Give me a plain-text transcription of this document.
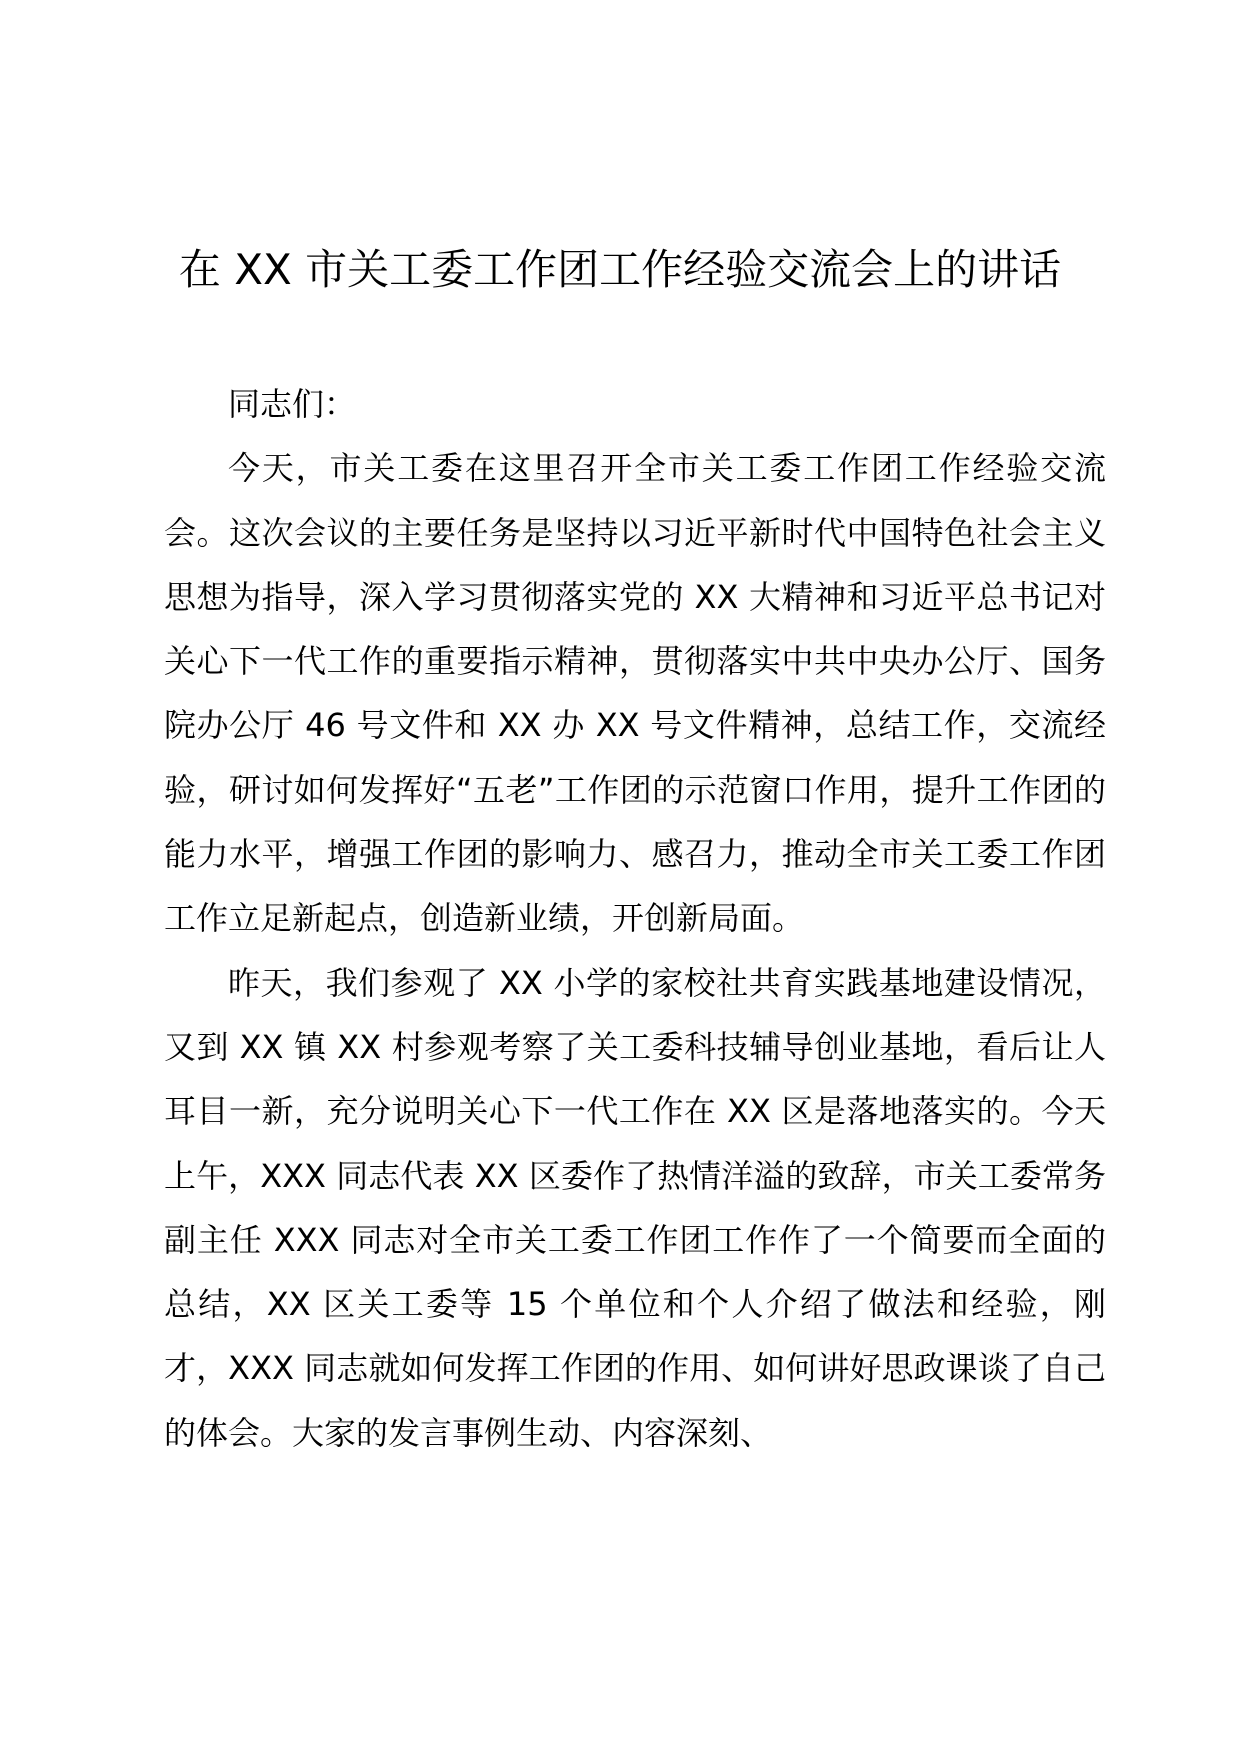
在 XX 市关工委工作团工作经验交流会上的讲话

同志们：

今天，市关工委在这里召开全市关工委工作团工作经验交流会。这次会议的主要任务是坚持以习近平新时代中国特色社会主义思想为指导，深入学习贯彻落实党的 XX 大精神和习近平总书记对关心下一代工作的重要指示精神，贯彻落实中共中央办公厅、国务院办公厅 46 号文件和 XX 办 XX 号文件精神，总结工作，交流经验，研讨如何发挥好“五老”工作团的示范窗口作用，提升工作团的能力水平，增强工作团的影响力、感召力，推动全市关工委工作团工作立足新起点，创造新业绩，开创新局面。

昨天，我们参观了 XX 小学的家校社共育实践基地建设情况，又到 XX 镇 XX 村参观考察了关工委科技辅导创业基地，看后让人耳目一新，充分说明关心下一代工作在 XX 区是落地落实的。今天上午，XXX 同志代表 XX 区委作了热情洋溢的致辞，市关工委常务副主任 XXX 同志对全市关工委工作团工作作了一个简要而全面的总结，XX 区关工委等 15 个单位和个人介绍了做法和经验，刚才，XXX 同志就如何发挥工作团的作用、如何讲好思政课谈了自己的体会。大家的发言事例生动、内容深刻、
